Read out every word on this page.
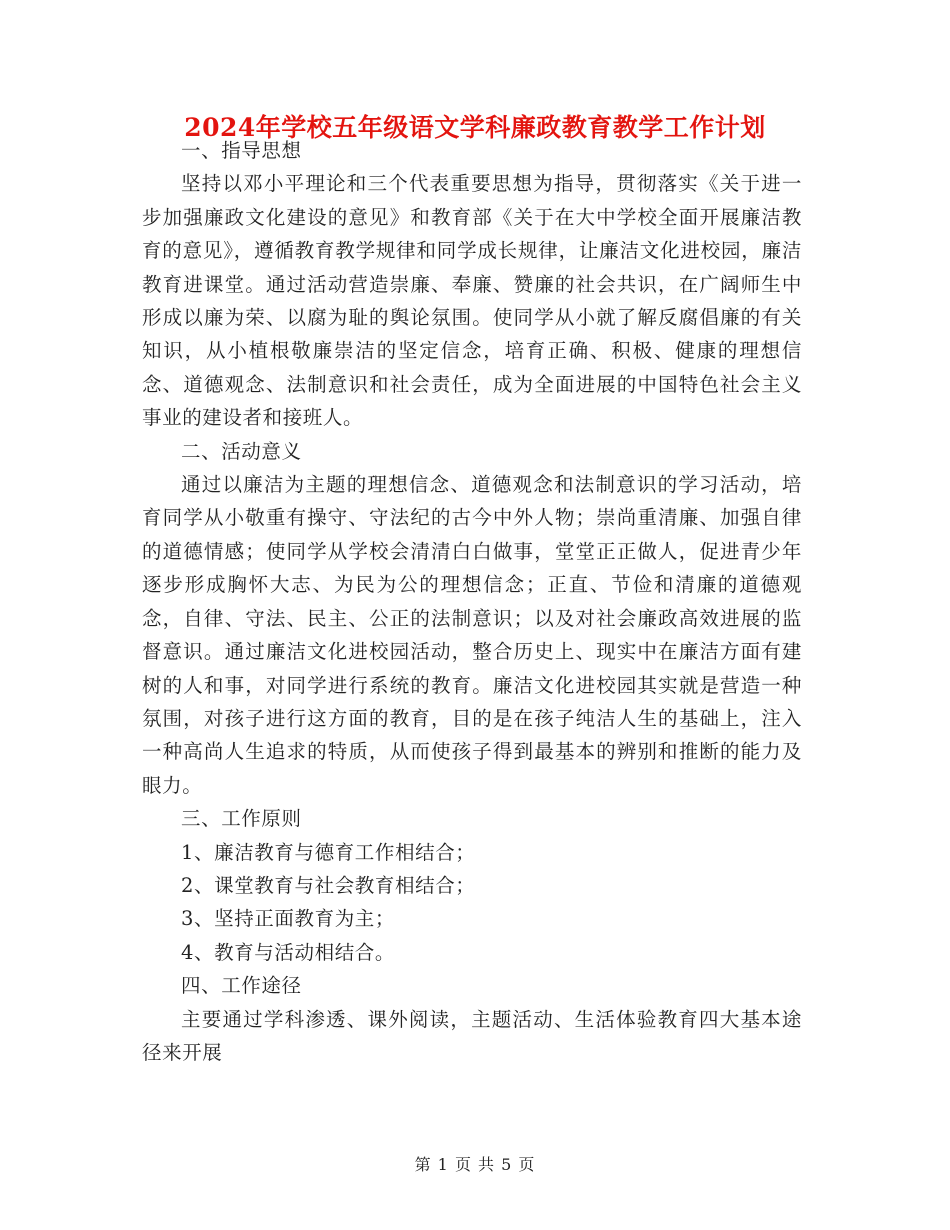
2024年学校五年级语文学科廉政教育教学工作计划

一、指导思想

坚持以邓小平理论和三个代表重要思想为指导，贯彻落实《关于进一步加强廉政文化建设的意见》和教育部《关于在大中学校全面开展廉洁教育的意见》，遵循教育教学规律和同学成长规律，让廉洁文化进校园，廉洁教育进课堂。通过活动营造崇廉、奉廉、赞廉的社会共识，在广阔师生中形成以廉为荣、以腐为耻的舆论氛围。使同学从小就了解反腐倡廉的有关知识，从小植根敬廉崇洁的坚定信念，培育正确、积极、健康的理想信念、道德观念、法制意识和社会责任，成为全面进展的中国特色社会主义事业的建设者和接班人。

二、活动意义

通过以廉洁为主题的理想信念、道德观念和法制意识的学习活动，培育同学从小敬重有操守、守法纪的古今中外人物；崇尚重清廉、加强自律的道德情感；使同学从学校会清清白白做事，堂堂正正做人，促进青少年逐步形成胸怀大志、为民为公的理想信念；正直、节俭和清廉的道德观念，自律、守法、民主、公正的法制意识；以及对社会廉政高效进展的监督意识。通过廉洁文化进校园活动，整合历史上、现实中在廉洁方面有建树的人和事，对同学进行系统的教育。廉洁文化进校园其实就是营造一种氛围，对孩子进行这方面的教育，目的是在孩子纯洁人生的基础上，注入一种高尚人生追求的特质，从而使孩子得到最基本的辨别和推断的能力及眼力。

三、工作原则

1、廉洁教育与德育工作相结合；

2、课堂教育与社会教育相结合；

3、坚持正面教育为主；

4、教育与活动相结合。

四、工作途径

主要通过学科渗透、课外阅读，主题活动、生活体验教育四大基本途径来开展

第 1 页 共 5 页
